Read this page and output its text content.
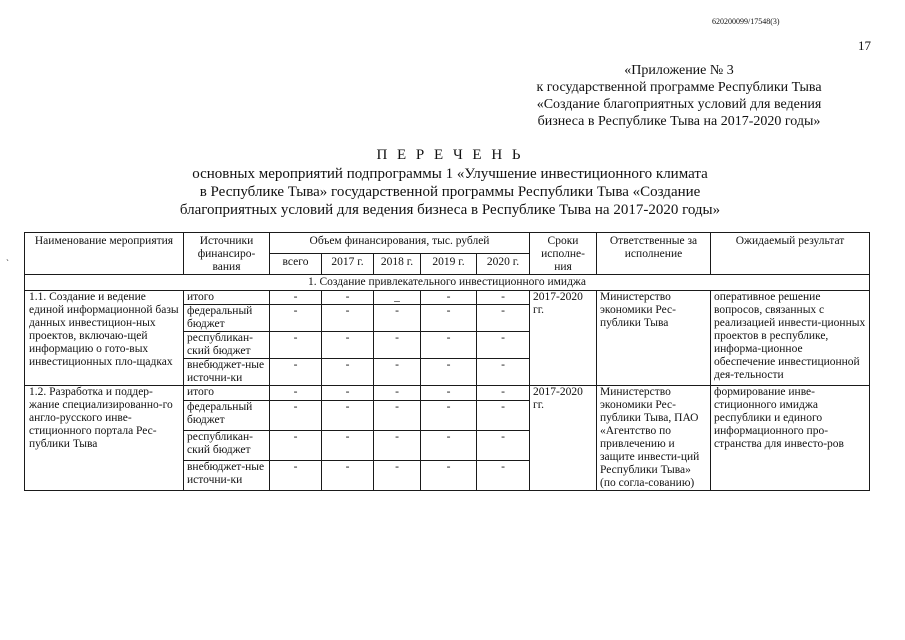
620200099/17548(3)
17
«Приложение № 3
к государственной программе Республики Тыва
«Создание благоприятных условий для ведения
бизнеса в Республике Тыва на 2017-2020 годы»
П Е Р Е Ч Е Н Ь
основных мероприятий подпрограммы 1 «Улучшение инвестиционного климата
в Республике Тыва» государственной программы Республики Тыва «Создание
благоприятных условий для ведения бизнеса в Республике Тыва на 2017-2020 годы»
`
Наименование мероприятия	Источники финансиро-вания	Объем финансирования, тыс. рублей					Сроки исполне-ния	Ответственные за исполнение	Ожидаемый результат
		всего	2017 г.	2018 г.	2019 г.	2020 г.			
1. Создание привлекательного инвестиционного имиджа									
1.1. Создание и ведение единой информационной базы данных инвестицион-ных проектов, включаю-щей информацию о гото-вых инвестиционных пло-щадках	итого	-	-	_	-	-	2017-2020 гг.	Министерство экономики Рес-публики Тыва	оперативное решение вопросов, связанных с реализацией инвести-ционных проектов в республике, информа-ционное обеспечение инвестиционной дея-тельности
	федеральный бюджет	-	-	-	-	-			
	республикан-ский бюджет	-	-	-	-	-			
	внебюджет-ные источни-ки	-	-	-	-	-			
1.2. Разработка и поддер-жание специализированно-го англо-русского инве-стиционного портала Рес-публики Тыва	итого	-	-	-	-	-	2017-2020 гг.	Министерство экономики Рес-публики Тыва, ПАО «Агентство по привлечению и защите инвести-ций Республики Тыва» (по согла-сованию)	формирование инве-стиционного имиджа республики и единого информационного про-странства для инвесто-ров
	федеральный бюджет	-	-	-	-	-			
	республикан-ский бюджет	-	-	-	-	-			
	внебюджет-ные источни-ки	-	-	-	-	-			
